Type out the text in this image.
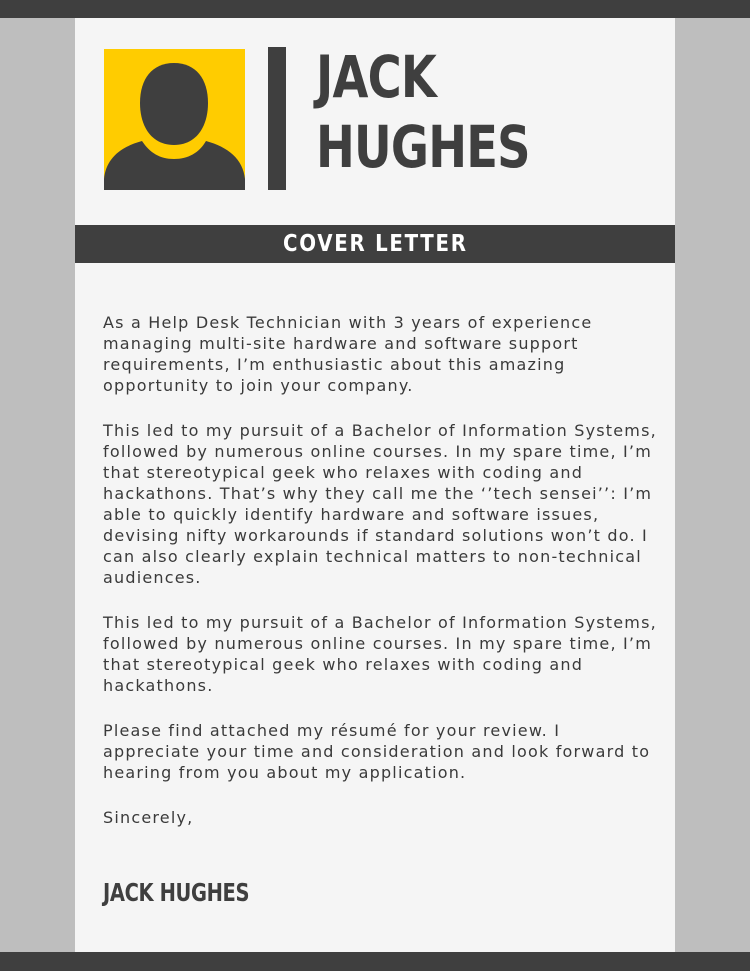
JACK
HUGHES
COVER LETTER

As a Help Desk Technician with 3 years of experience managing multi-site hardware and software support requirements, I’m enthusiastic about this amazing opportunity to join your company.

This led to my pursuit of a Bachelor of Information Systems, followed by numerous online courses. In my spare time, I’m that stereotypical geek who relaxes with coding and hackathons. That’s why they call me the ‘’tech sensei’’: I’m able to quickly identify hardware and software issues, devising nifty workarounds if standard solutions won’t do. I can also clearly explain technical matters to non-technical audiences.

This led to my pursuit of a Bachelor of Information Systems, followed by numerous online courses. In my spare time, I’m that stereotypical geek who relaxes with coding and hackathons.

Please find attached my résumé for your review. I appreciate your time and consideration and look forward to hearing from you about my application.

Sincerely,

JACK HUGHES
